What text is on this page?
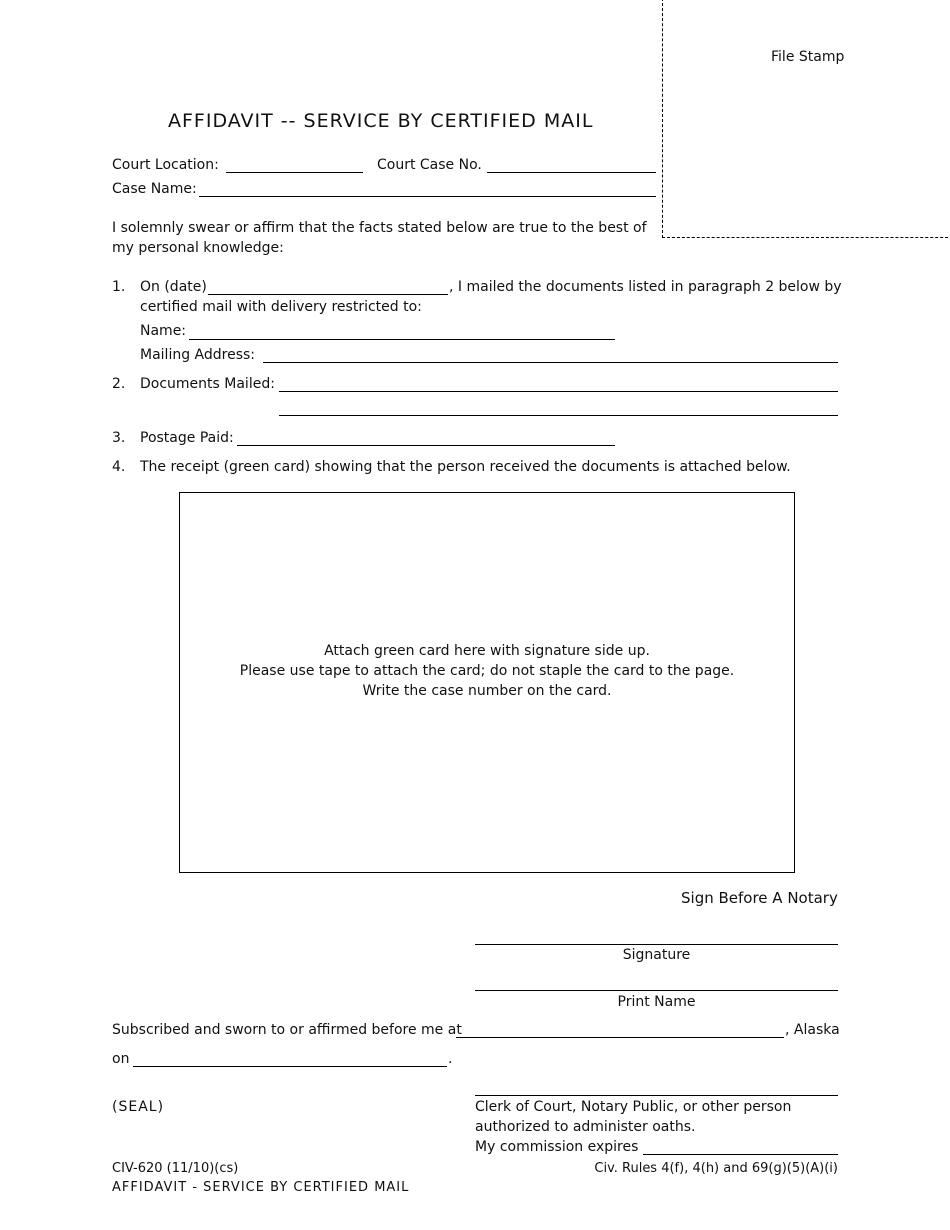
File Stamp
AFFIDAVIT -- SERVICE BY CERTIFIED MAIL
Court Location:	Court Case No.
Case Name:
I solemnly swear or affirm that the facts stated below are true to the best of
my personal knowledge:
1. On (date)	, I mailed the documents listed in paragraph 2 below by
certified mail with delivery restricted to:
Name:
Mailing Address:
2. Documents Mailed:
3. Postage Paid:
4. The receipt (green card) showing that the person received the documents is attached below.
Attach green card here with signature side up.
Please use tape to attach the card; do not staple the card to the page.
Write the case number on the card.
Sign Before A Notary
Signature
Print Name
Subscribed and sworn to or affirmed before me at	, Alaska
on	.
(SEAL)	Clerk of Court, Notary Public, or other person
authorized to administer oaths.
My commission expires
CIV-620 (11/10)(cs)
AFFIDAVIT - SERVICE BY CERTIFIED MAIL
Civ. Rules 4(f), 4(h) and 69(g)(5)(A)(i)
